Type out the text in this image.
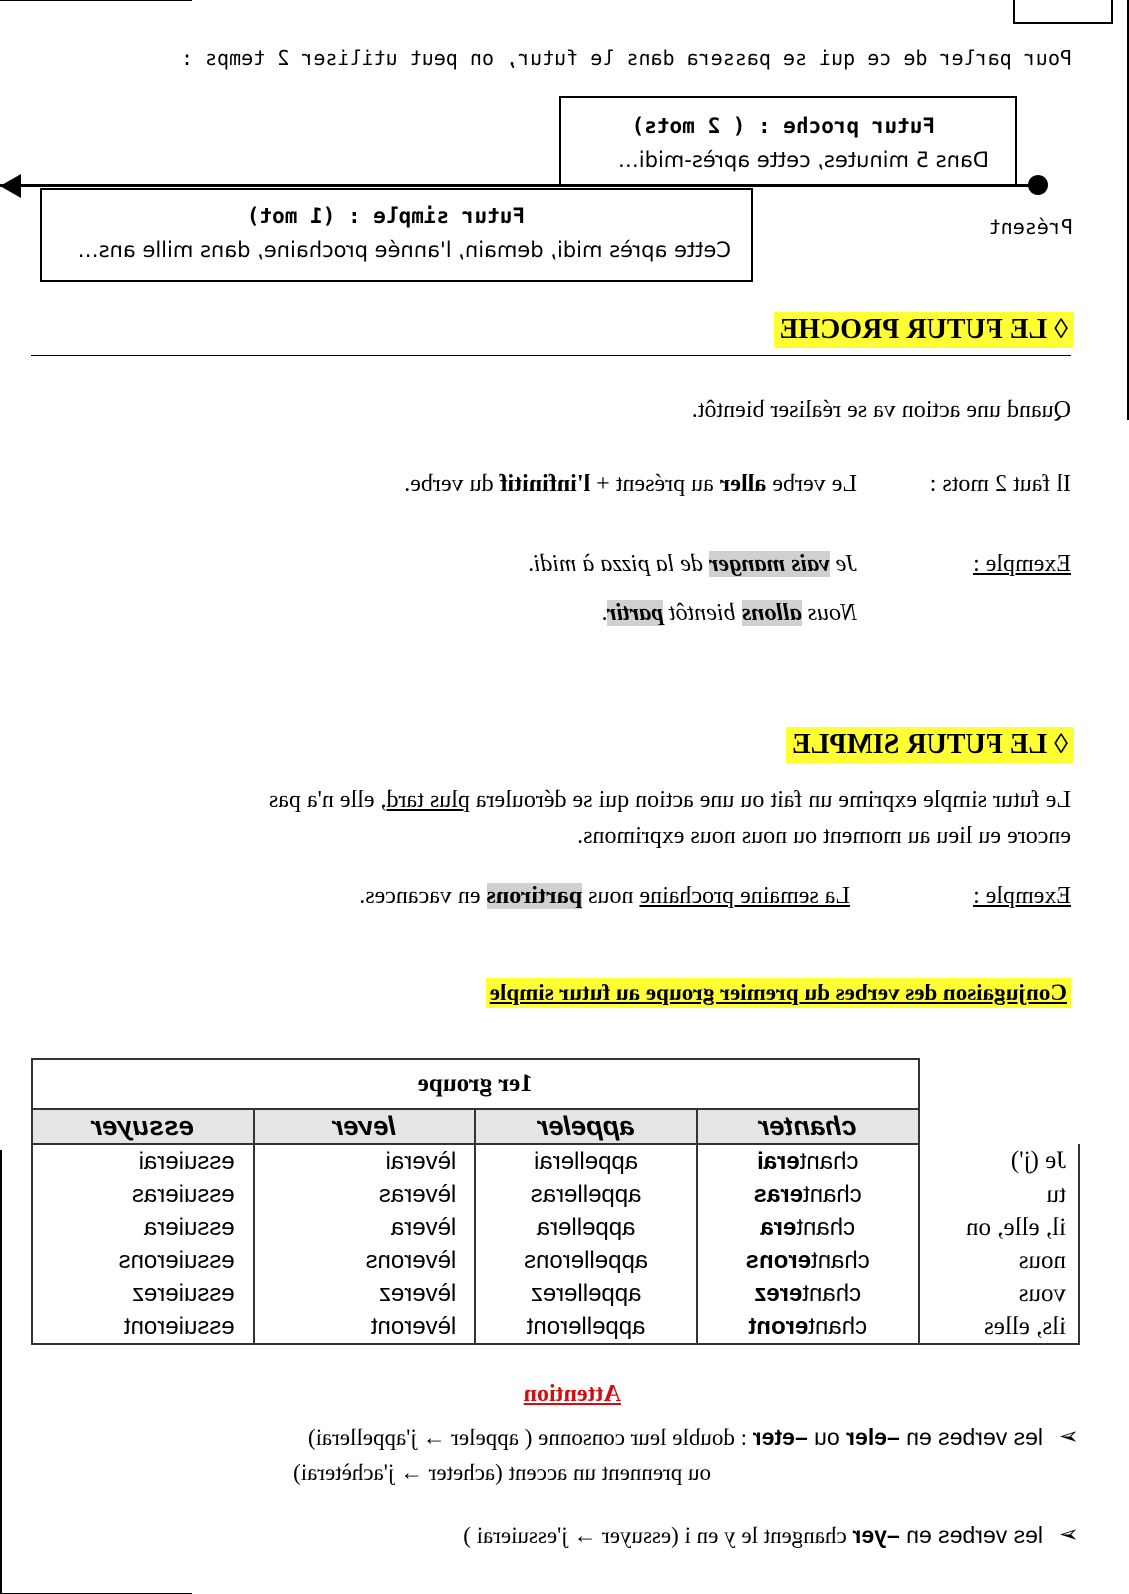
Pour parler de ce qui se passera dans le futur, on peut utiliser 2 temps :
Futur proche : ( 2 mots)
Dans 5 minutes, cette après-midi…
Futur simple : (1 mot)
Cette après midi, demain, l'année prochaine, dans mille ans…
Présent
◊ LE FUTUR PROCHE
Quand une action va se réaliser bientôt.
Il faut 2 mots :
Le verbe aller au présent + l'infinitif du verbe.
Exemple :
Je vais manger de la pizza à midi.
Nous allons bientôt partir.
◊ LE FUTUR SIMPLE
Le futur simple exprime un fait ou une action qui se déroulera plus tard, elle n'a pas
encore eu lieu au moment ou nous nous exprimons.
Exemple :
La semaine prochaine nous partirons en vacances.
Conjugaison des verbes du premier groupe au futur simple
	1er groupe			
	chanter	appeler	lever	essuyer
Je (j')	chanterai	appellerai	lèverai	essuierai
tu	chanteras	appelleras	lèveras	essuieras
il, elle, on	chantera	appellera	lèvera	essuiera
nous	chanterons	appellerons	lèverons	essuierons
vous	chanterez	appellerez	lèverez	essuierez
ils, elles	chanteront	appelleront	lèveront	essuieront
Attention
➢
les verbes en –eler ou –eter : double leur consonne ( appeler → j'appellerai)
ou prennent un accent (acheter → j'achèterai)
➢
les verbes en –yer changent le y en i (essuyer → j'essuierai )
